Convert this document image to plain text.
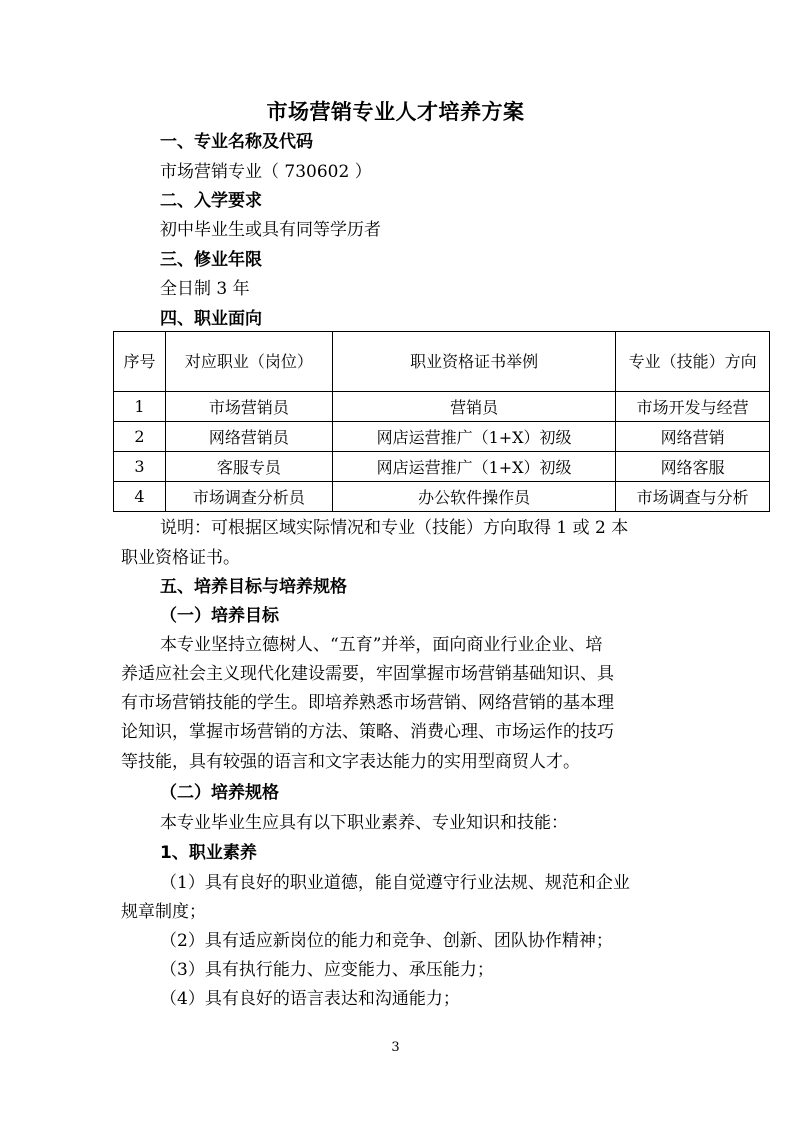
市场营销专业人才培养方案
一、专业名称及代码
市场营销专业（ 730602 ）
二、入学要求
初中毕业生或具有同等学历者
三、修业年限
全日制 3 年
四、职业面向
序号	对应职业（岗位）	职业资格证书举例	专业（技能）方向
1	市场营销员	营销员	市场开发与经营
2	网络营销员	网店运营推广（1+X）初级	网络营销
3	客服专员	网店运营推广（1+X）初级	网络客服
4	市场调查分析员	办公软件操作员	市场调查与分析
说明：可根据区域实际情况和专业（技能）方向取得 1 或 2 本
职业资格证书。
五、培养目标与培养规格
（一）培养目标
本专业坚持立德树人、“五育”并举，面向商业行业企业、培
养适应社会主义现代化建设需要，牢固掌握市场营销基础知识、具
有市场营销技能的学生。即培养熟悉市场营销、网络营销的基本理
论知识，掌握市场营销的方法、策略、消费心理、市场运作的技巧
等技能，具有较强的语言和文字表达能力的实用型商贸人才。
（二）培养规格
本专业毕业生应具有以下职业素养、专业知识和技能：
1、职业素养
（1）具有良好的职业道德，能自觉遵守行业法规、规范和企业
规章制度；
（2）具有适应新岗位的能力和竞争、创新、团队协作精神；
（3）具有执行能力、应变能力、承压能力；
（4）具有良好的语言表达和沟通能力；
3
